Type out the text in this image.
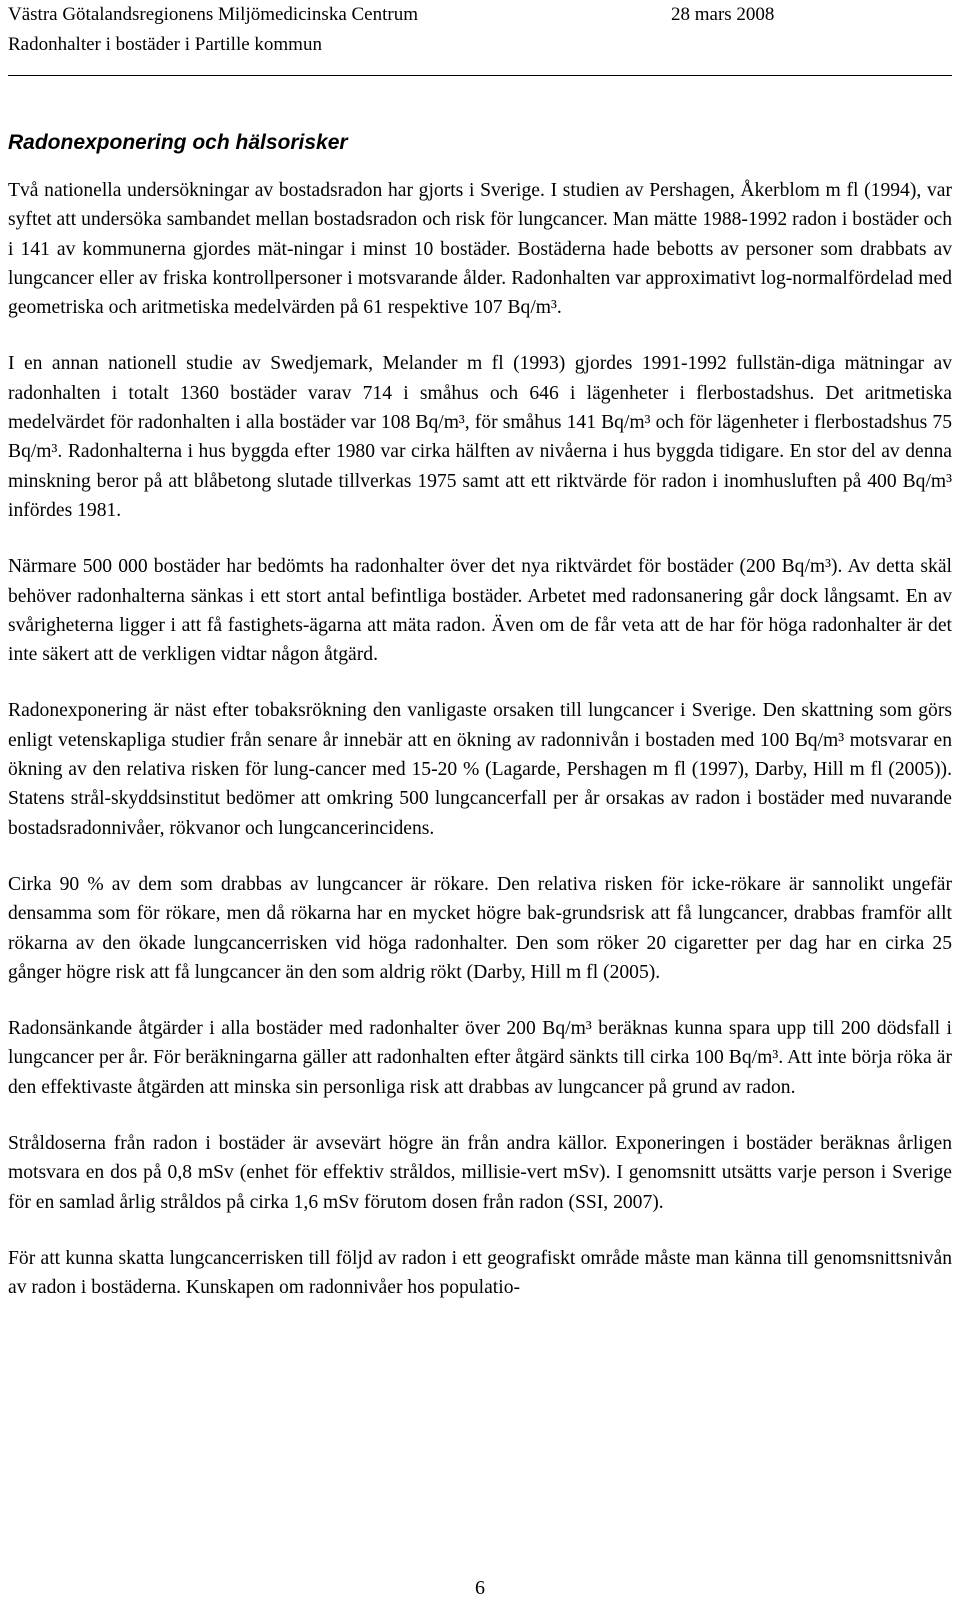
Västra Götalandsregionens Miljömedicinska Centrum	28 mars 2008
Radonhalter i bostäder i Partille kommun
Radonexponering och hälsorisker

Två nationella undersökningar av bostadsradon har gjorts i Sverige. I studien av Pershagen, Åkerblom m fl (1994), var syftet att undersöka sambandet mellan bostadsradon och risk för lungcancer. Man mätte 1988-1992 radon i bostäder och i 141 av kommunerna gjordes mät-ningar i minst 10 bostäder. Bostäderna hade bebotts av personer som drabbats av lungcancer eller av friska kontrollpersoner i motsvarande ålder. Radonhalten var approximativt log-normalfördelad med geometriska och aritmetiska medelvärden på 61 respektive 107 Bq/m³.

I en annan nationell studie av Swedjemark, Melander m fl (1993) gjordes 1991-1992 fullstän-diga mätningar av radonhalten i totalt 1360 bostäder varav 714 i småhus och 646 i lägenheter i flerbostadshus. Det aritmetiska medelvärdet för radonhalten i alla bostäder var 108 Bq/m³, för småhus 141 Bq/m³ och för lägenheter i flerbostadshus 75 Bq/m³. Radonhalterna i hus byggda efter 1980 var cirka hälften av nivåerna i hus byggda tidigare. En stor del av denna minskning beror på att blåbetong slutade tillverkas 1975 samt att ett riktvärde för radon i inomhusluften på 400 Bq/m³ infördes 1981.

Närmare 500 000 bostäder har bedömts ha radonhalter över det nya riktvärdet för bostäder (200 Bq/m³). Av detta skäl behöver radonhalterna sänkas i ett stort antal befintliga bostäder. Arbetet med radonsanering går dock långsamt. En av svårigheterna ligger i att få fastighets-ägarna att mäta radon. Även om de får veta att de har för höga radonhalter är det inte säkert att de verkligen vidtar någon åtgärd.

Radonexponering är näst efter tobaksrökning den vanligaste orsaken till lungcancer i Sverige. Den skattning som görs enligt vetenskapliga studier från senare år innebär att en ökning av radonnivån i bostaden med 100 Bq/m³ motsvarar en ökning av den relativa risken för lung-cancer med 15-20 % (Lagarde, Pershagen m fl (1997), Darby, Hill m fl (2005)). Statens strål-skyddsinstitut bedömer att omkring 500 lungcancerfall per år orsakas av radon i bostäder med nuvarande bostadsradonnivåer, rökvanor och lungcancerincidens.

Cirka 90 % av dem som drabbas av lungcancer är rökare. Den relativa risken för icke-rökare är sannolikt ungefär densamma som för rökare, men då rökarna har en mycket högre bak-grundsrisk att få lungcancer, drabbas framför allt rökarna av den ökade lungcancerrisken vid höga radonhalter. Den som röker 20 cigaretter per dag har en cirka 25 gånger högre risk att få lungcancer än den som aldrig rökt (Darby, Hill m fl (2005).

Radonsänkande åtgärder i alla bostäder med radonhalter över 200 Bq/m³ beräknas kunna spara upp till 200 dödsfall i lungcancer per år. För beräkningarna gäller att radonhalten efter åtgärd sänkts till cirka 100 Bq/m³. Att inte börja röka är den effektivaste åtgärden att minska sin personliga risk att drabbas av lungcancer på grund av radon.

Stråldoserna från radon i bostäder är avsevärt högre än från andra källor. Exponeringen i bostäder beräknas årligen motsvara en dos på 0,8 mSv (enhet för effektiv stråldos, millisie-vert mSv). I genomsnitt utsätts varje person i Sverige för en samlad årlig stråldos på cirka 1,6 mSv förutom dosen från radon (SSI, 2007).

För att kunna skatta lungcancerrisken till följd av radon i ett geografiskt område måste man känna till genomsnittsnivån av radon i bostäderna. Kunskapen om radonnivåer hos populatio-

6
